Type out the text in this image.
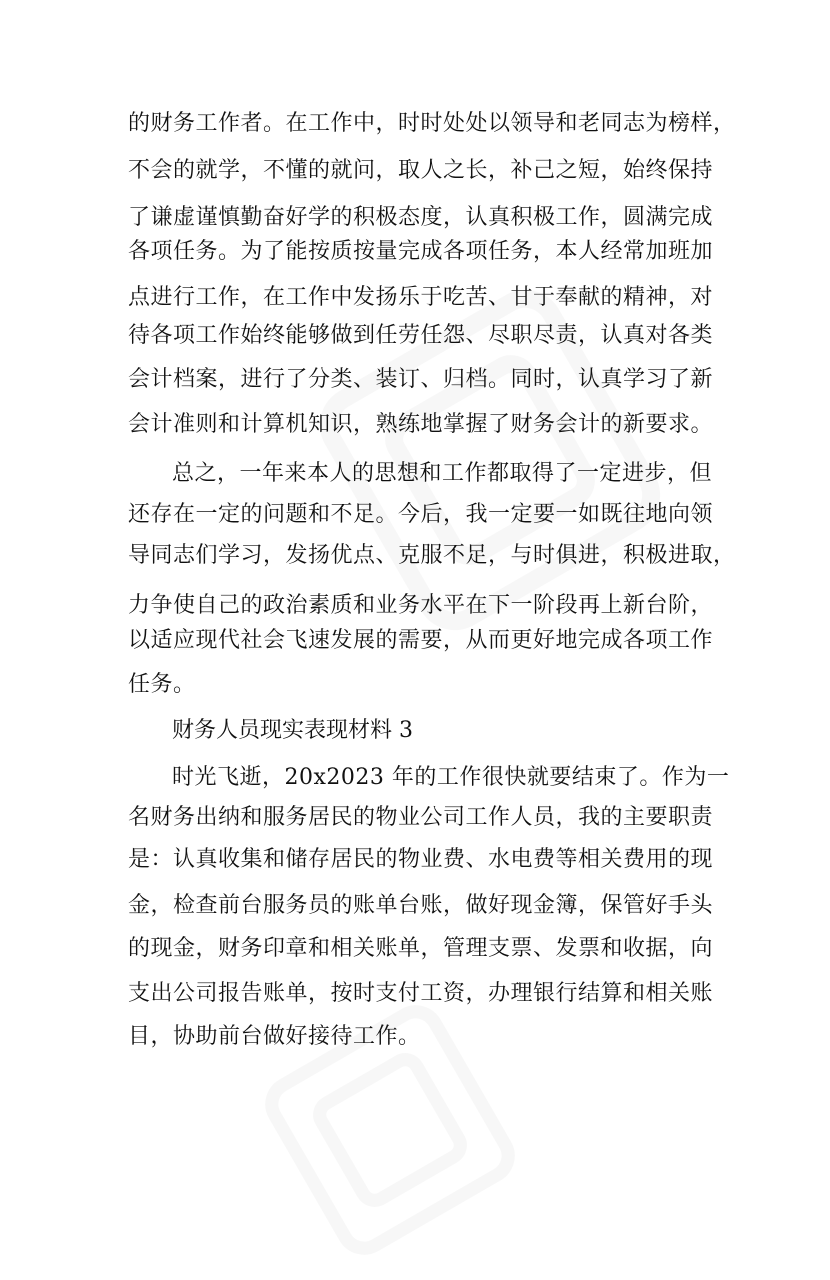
的财务工作者。在工作中，时时处处以领导和老同志为榜样，
不会的就学，不懂的就问，取人之长，补己之短，始终保持
了谦虚谨慎勤奋好学的积极态度，认真积极工作，圆满完成
各项任务。为了能按质按量完成各项任务，本人经常加班加
点进行工作，在工作中发扬乐于吃苦、甘于奉献的精神，对
待各项工作始终能够做到任劳任怨、尽职尽责，认真对各类
会计档案，进行了分类、装订、归档。同时，认真学习了新
会计准则和计算机知识，熟练地掌握了财务会计的新要求。
总之，一年来本人的思想和工作都取得了一定进步，但
还存在一定的问题和不足。今后，我一定要一如既往地向领
导同志们学习，发扬优点、克服不足，与时俱进，积极进取，
力争使自己的政治素质和业务水平在下一阶段再上新台阶，
以适应现代社会飞速发展的需要，从而更好地完成各项工作
任务。
财务人员现实表现材料 3
时光飞逝，20x2023 年的工作很快就要结束了。作为一
名财务出纳和服务居民的物业公司工作人员，我的主要职责
是：认真收集和储存居民的物业费、水电费等相关费用的现
金，检查前台服务员的账单台账，做好现金簿，保管好手头
的现金，财务印章和相关账单，管理支票、发票和收据，向
支出公司报告账单，按时支付工资，办理银行结算和相关账
目，协助前台做好接待工作。
